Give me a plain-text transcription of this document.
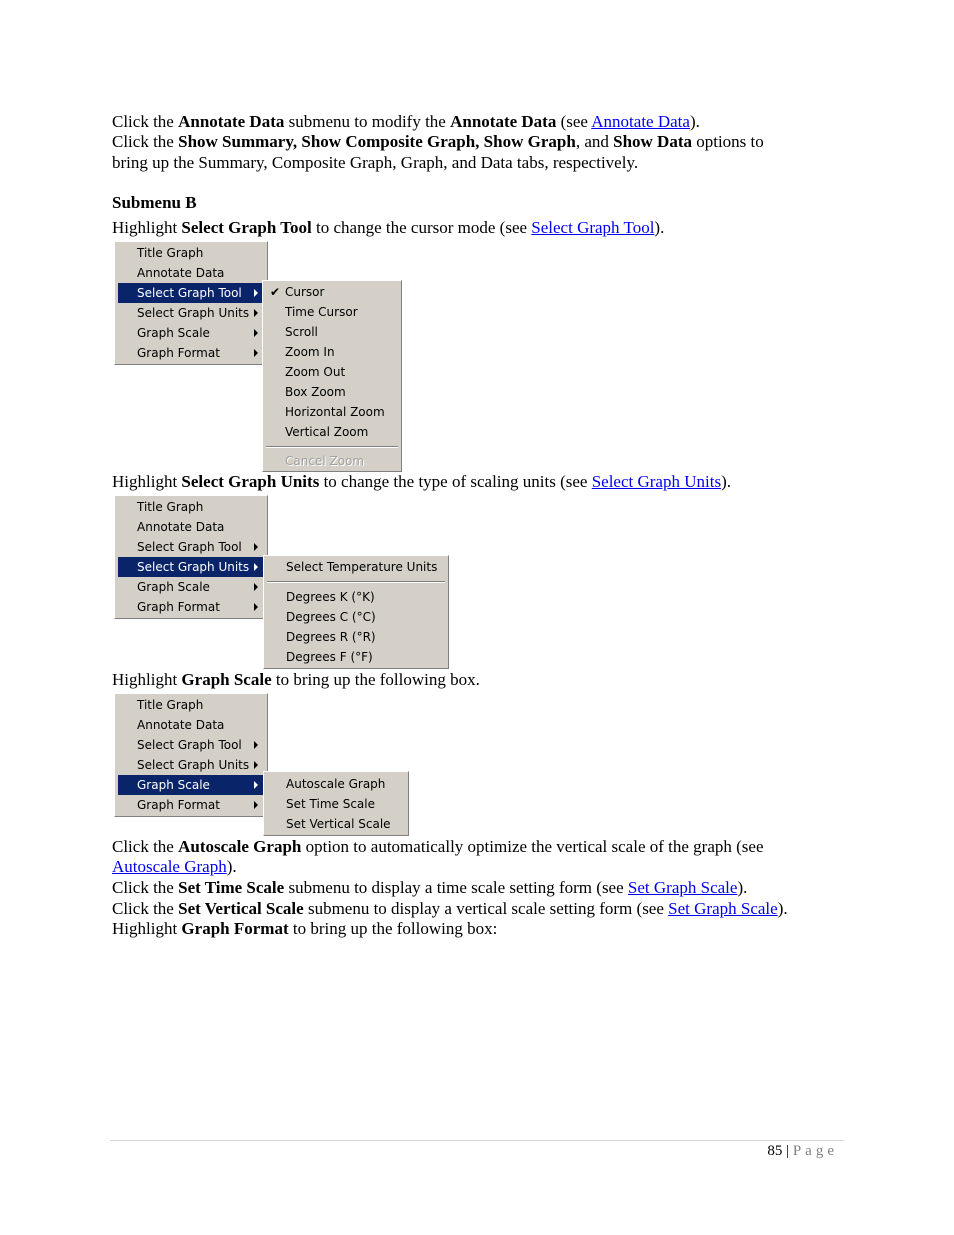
Click the Annotate Data submenu to modify the Annotate Data (see Annotate Data).

Click the Show Summary, Show Composite Graph, Show Graph, and Show Data options to

bring up the Summary, Composite Graph, Graph, and Data tabs, respectively.

Submenu B

Highlight Select Graph Tool to change the cursor mode (see Select Graph Tool).

Title Graph
Annotate Data
Select Graph Tool
Select Graph Units
Graph Scale
Graph Format
✔ Cursor
Time Cursor
Scroll
Zoom In
Zoom Out
Box Zoom
Horizontal Zoom
Vertical Zoom
Cancel Zoom

Highlight Select Graph Units to change the type of scaling units (see Select Graph Units).

Title Graph
Annotate Data
Select Graph Tool
Select Graph Units
Graph Scale
Graph Format
Select Temperature Units
Degrees K (°K)
Degrees C (°C)
Degrees R (°R)
Degrees F (°F)

Highlight Graph Scale to bring up the following box.

Title Graph
Annotate Data
Select Graph Tool
Select Graph Units
Graph Scale
Graph Format
Autoscale Graph
Set Time Scale
Set Vertical Scale

Click the Autoscale Graph option to automatically optimize the vertical scale of the graph (see

Autoscale Graph).

Click the Set Time Scale submenu to display a time scale setting form (see Set Graph Scale).

Click the Set Vertical Scale submenu to display a vertical scale setting form (see Set Graph Scale).

Highlight Graph Format to bring up the following box:

85 | Page
